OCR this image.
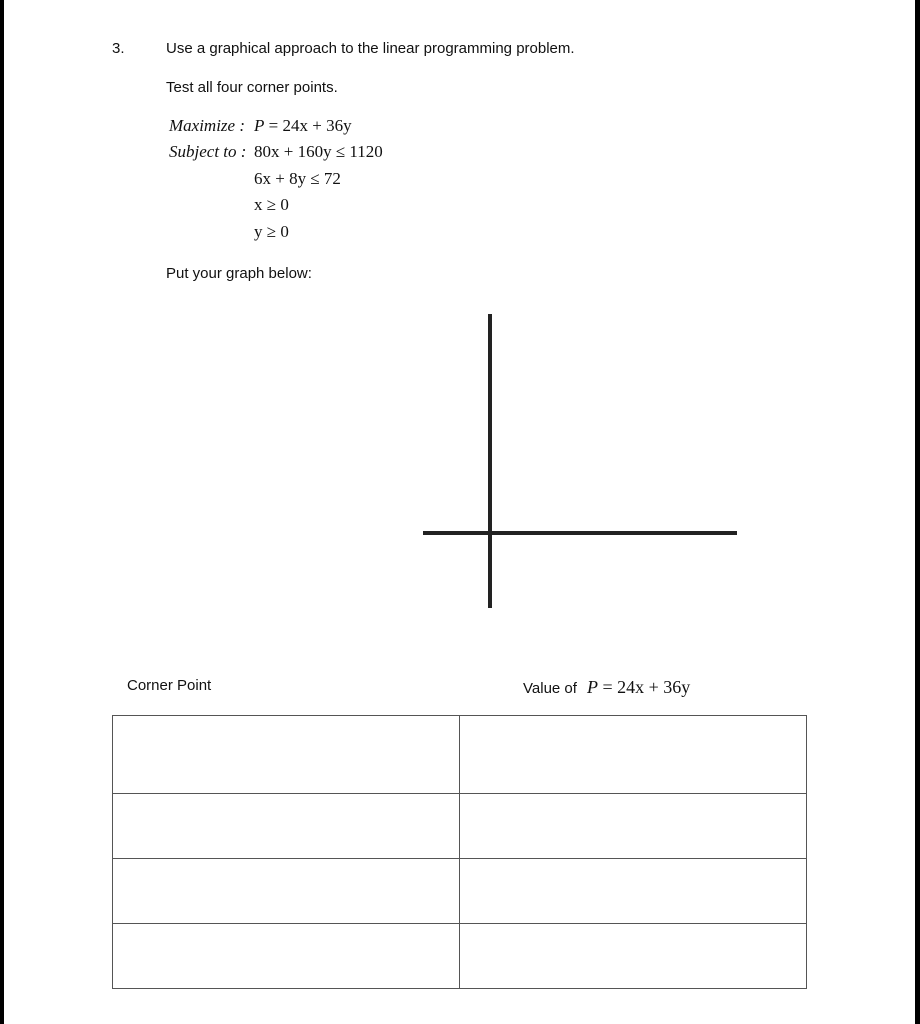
3.	Use a graphical approach to the linear programming problem.
Test all four corner points.
Maximize : P = 24x + 36y
Subject to : 80x + 160y ≤ 1120
6x + 8y ≤ 72
x ≥ 0
y ≥ 0
Put your graph below:
Corner Point	Value of P = 24x + 36y
